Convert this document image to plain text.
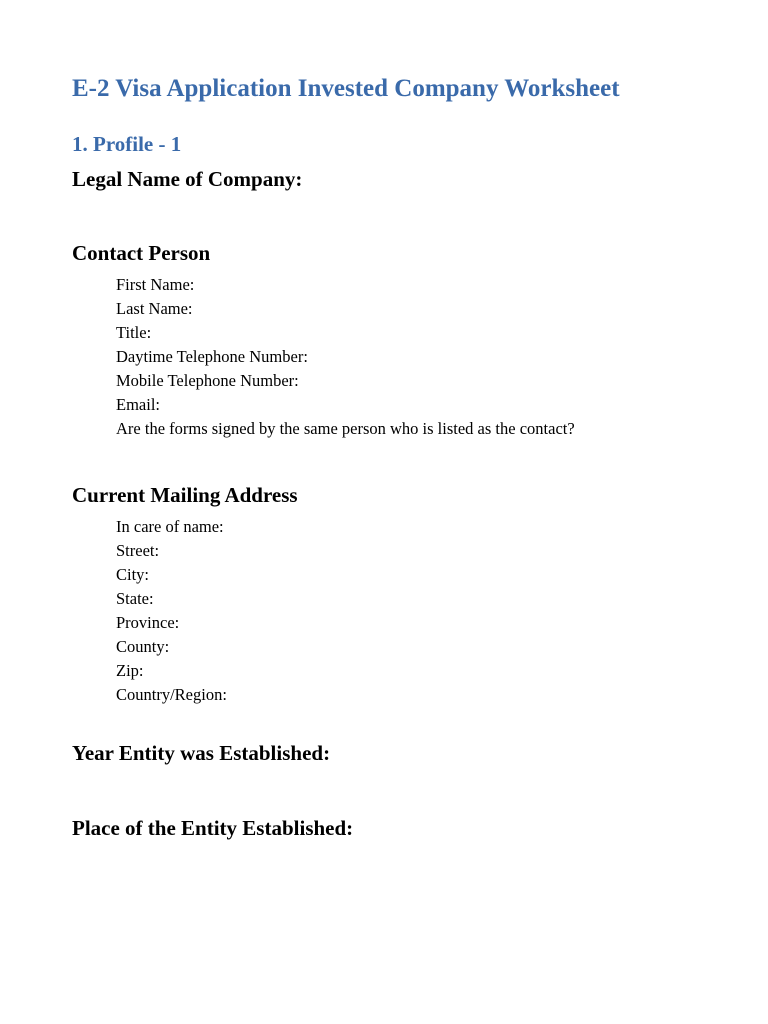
E-2 Visa Application Invested Company Worksheet
1. Profile - 1
Legal Name of Company:
Contact Person
First Name:
Last Name:
Title:
Daytime Telephone Number:
Mobile Telephone Number:
Email:
Are the forms signed by the same person who is listed as the contact?
Current Mailing Address
In care of name:
Street:
City:
State:
Province:
County:
Zip:
Country/Region:
Year Entity was Established:
Place of the Entity Established:
